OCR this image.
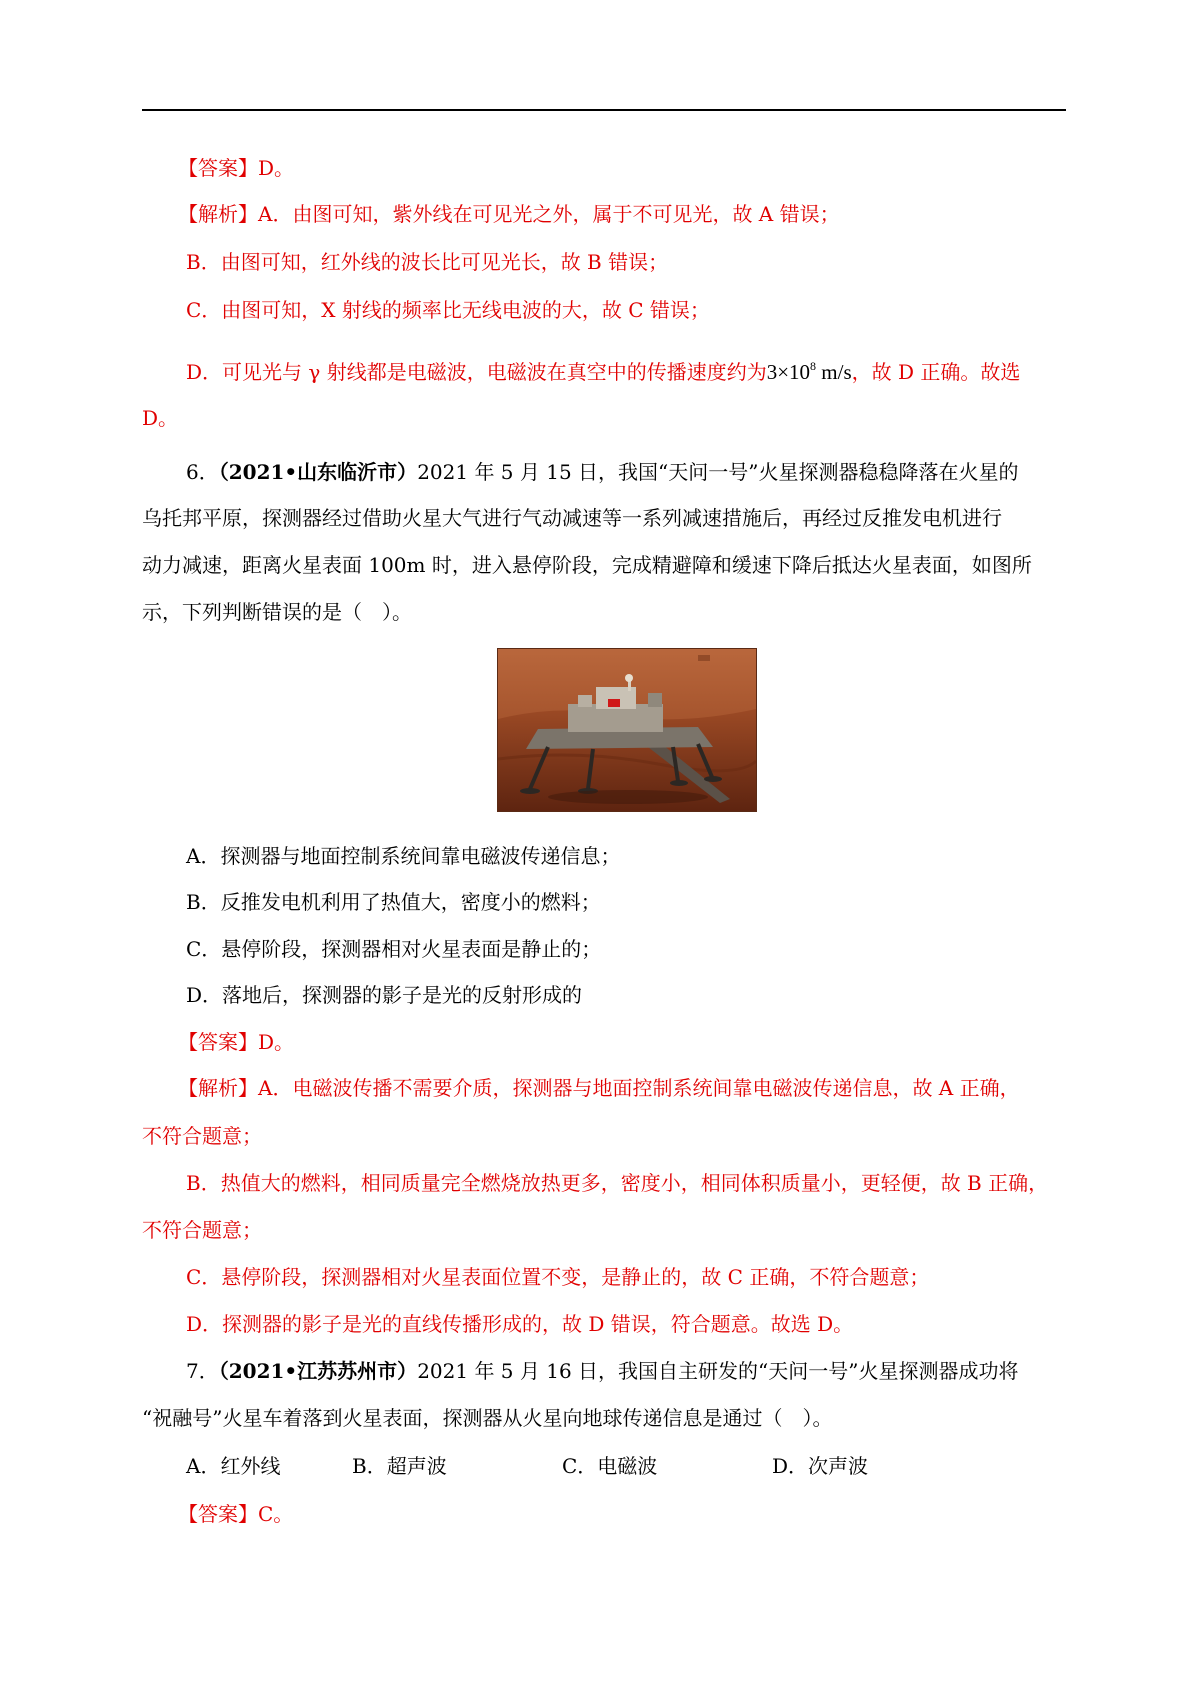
【答案】D。
【解析】A．由图可知，紫外线在可见光之外，属于不可见光，故 A 错误；
B．由图可知，红外线的波长比可见光长，故 B 错误；
C．由图可知，X 射线的频率比无线电波的大，故 C 错误；
D．可见光与 γ 射线都是电磁波，电磁波在真空中的传播速度约为$3\times 10^8$ m/s，故 D 正确。故选
D。
6．（2021•山东临沂市）2021 年 5 月 15 日，我国“天问一号”火星探测器稳稳降落在火星的
乌托邦平原，探测器经过借助火星大气进行气动减速等一系列减速措施后，再经过反推发电机进行
动力减速，距离火星表面 100m 时，进入悬停阶段，完成精避障和缓速下降后抵达火星表面，如图所
示，下列判断错误的是（　）。
A．探测器与地面控制系统间靠电磁波传递信息；
B．反推发电机利用了热值大，密度小的燃料；
C．悬停阶段，探测器相对火星表面是静止的；
D．落地后，探测器的影子是光的反射形成的
【答案】D。
【解析】A．电磁波传播不需要介质，探测器与地面控制系统间靠电磁波传递信息，故 A 正确，
不符合题意；
B．热值大的燃料，相同质量完全燃烧放热更多，密度小，相同体积质量小，更轻便，故 B 正确，
不符合题意；
C．悬停阶段，探测器相对火星表面位置不变，是静止的，故 C 正确，不符合题意；
D．探测器的影子是光的直线传播形成的，故 D 错误，符合题意。故选 D。
7．（2021•江苏苏州市）2021 年 5 月 16 日，我国自主研发的“天问一号”火星探测器成功将
“祝融号”火星车着落到火星表面，探测器从火星向地球传递信息是通过（　）。
A．红外线	B．超声波	C．电磁波	D．次声波
【答案】C。
